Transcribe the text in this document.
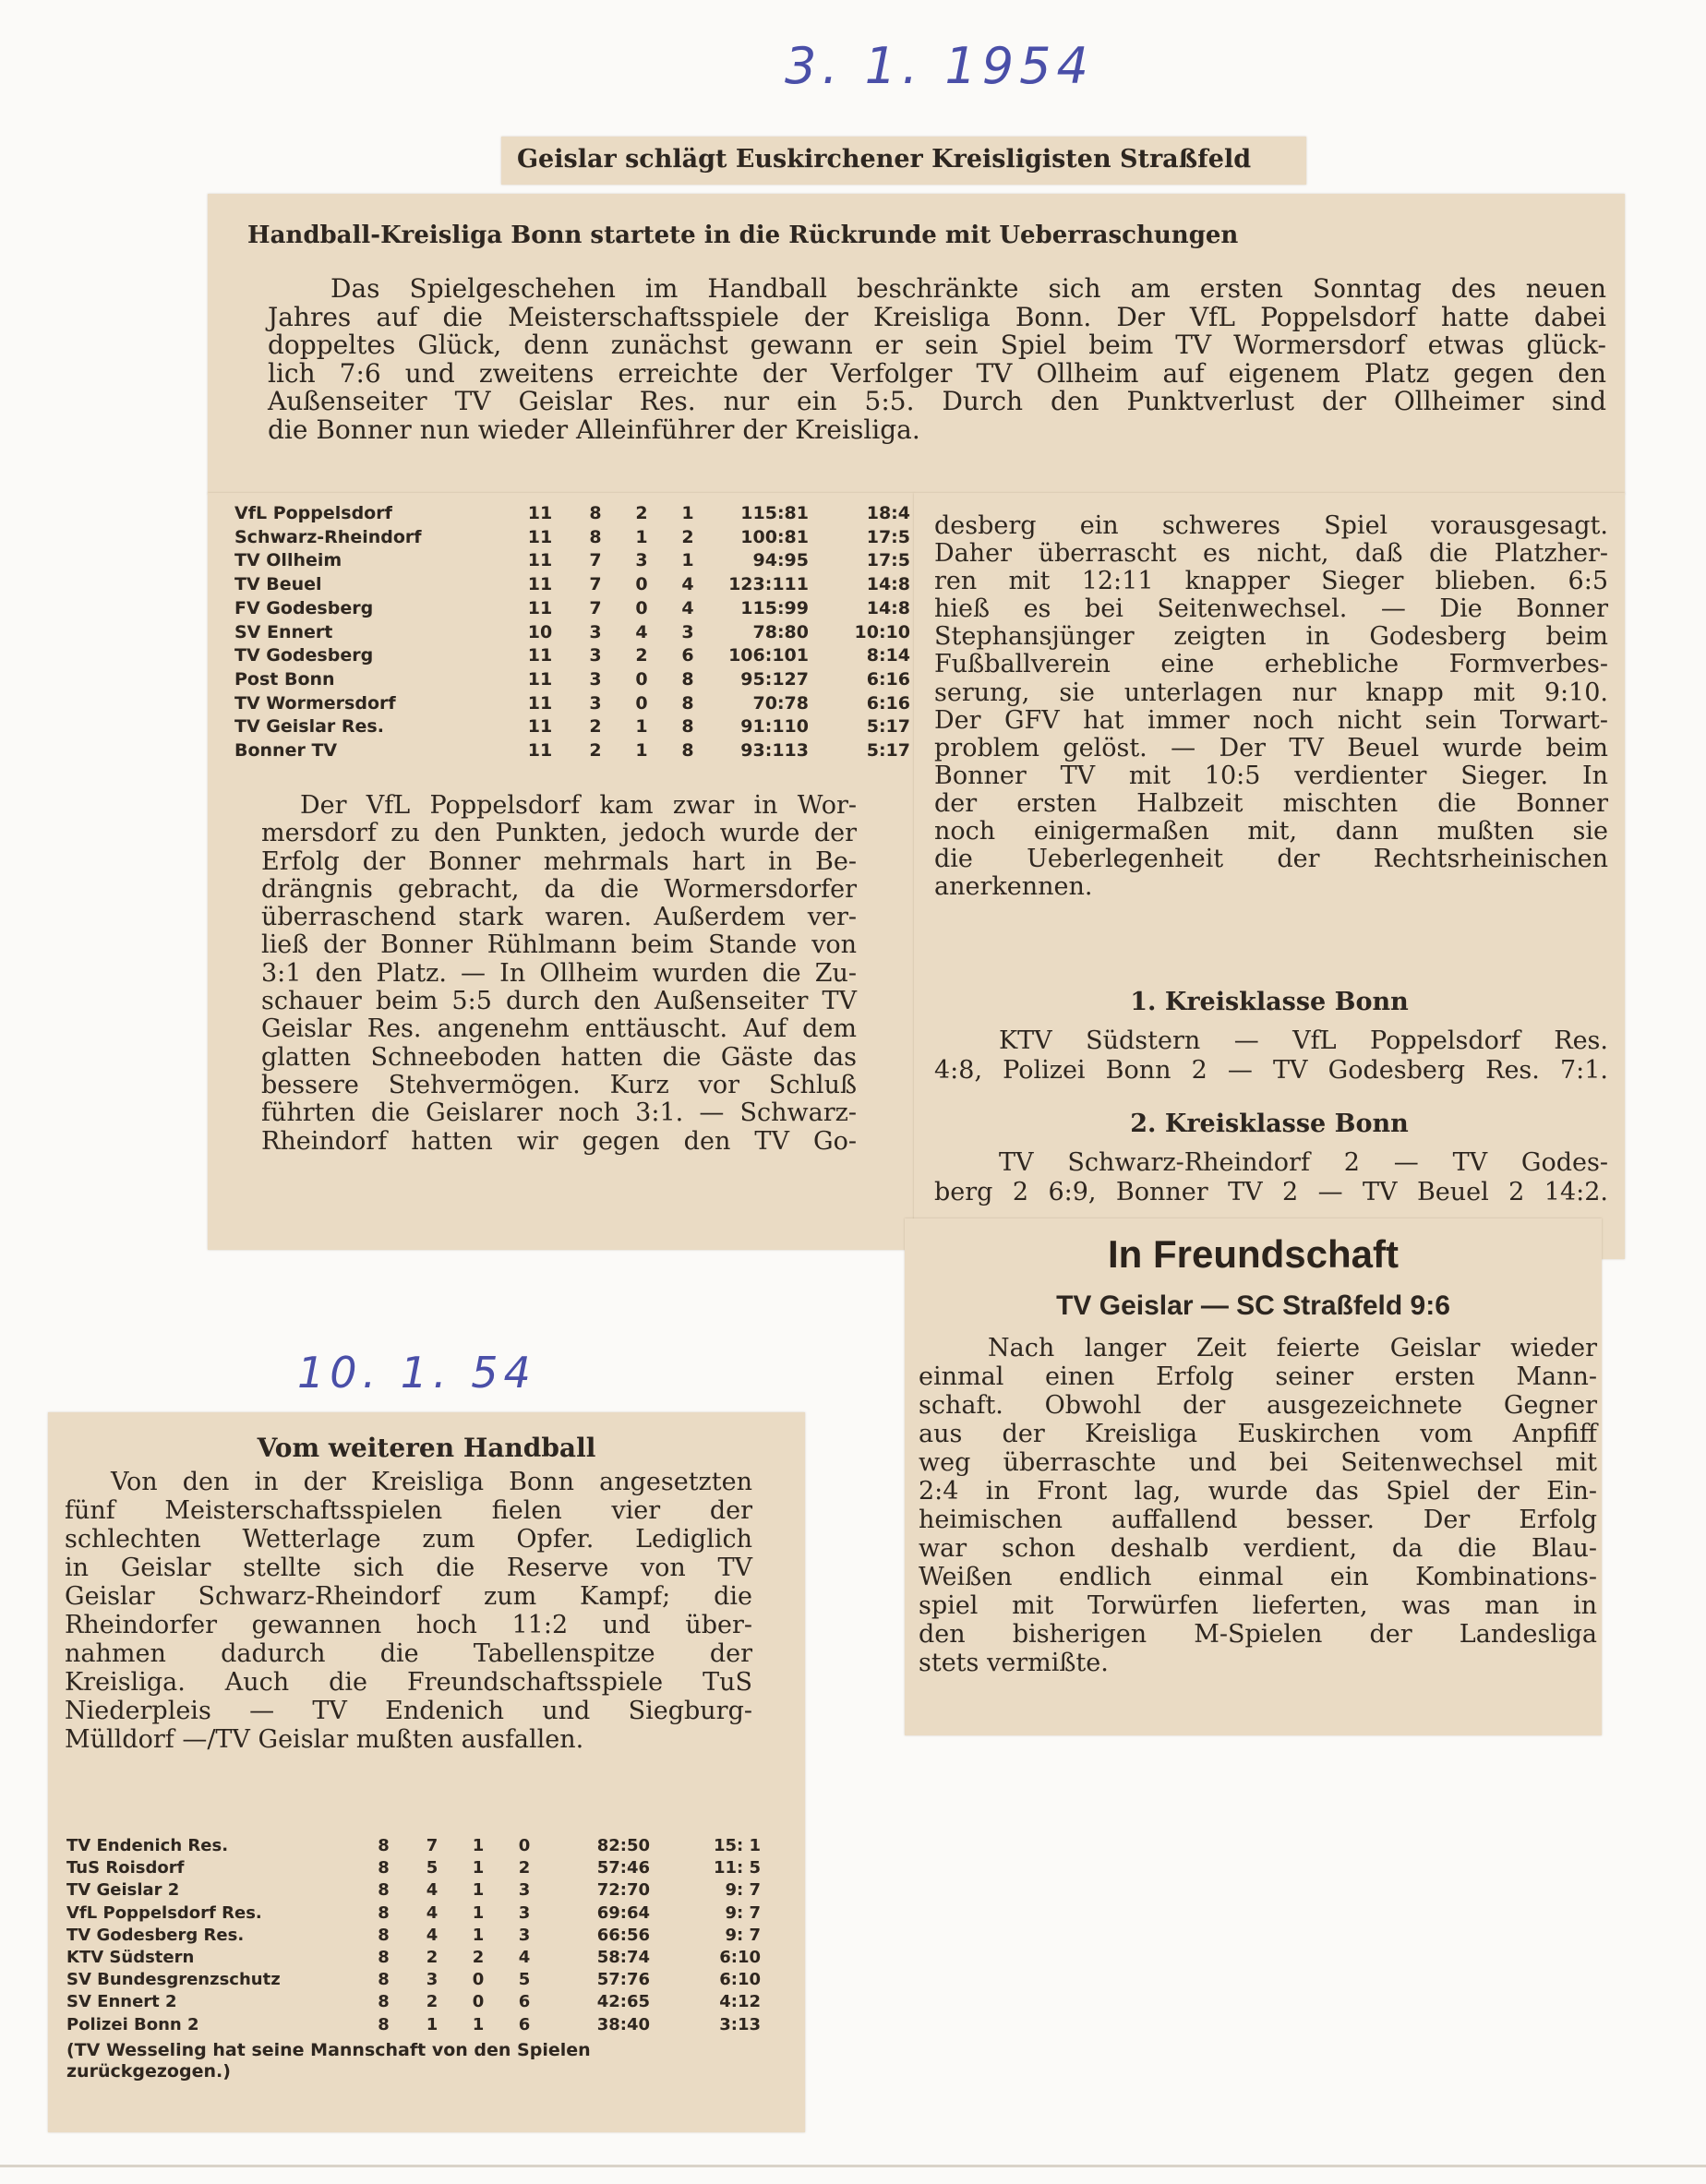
3. 1. 1954
Geislar schlägt Euskirchener Kreisligisten Straßfeld
Handball-Kreisliga Bonn startete in die Rückrunde mit Ueberraschungen
Das Spielgeschehen im Handball beschränkte sich am ersten Sonntag des neuen
Jahres auf die Meisterschaftsspiele der Kreisliga Bonn. Der VfL Poppelsdorf hatte dabei
doppeltes Glück, denn zunächst gewann er sein Spiel beim TV Wormersdorf etwas glück-
lich 7:6 und zweitens erreichte der Verfolger TV Ollheim auf eigenem Platz gegen den
Außenseiter TV Geislar Res. nur ein 5:5. Durch den Punktverlust der Ollheimer sind
die Bonner nun wieder Alleinführer der Kreisliga.
VfL Poppelsdorf	11	8	2	1	115:81	18:4
Schwarz-Rheindorf	11	8	1	2	100:81	17:5
TV Ollheim	11	7	3	1	94:95	17:5
TV Beuel	11	7	0	4	123:111	14:8
FV Godesberg	11	7	0	4	115:99	14:8
SV Ennert	10	3	4	3	78:80	10:10
TV Godesberg	11	3	2	6	106:101	8:14
Post Bonn	11	3	0	8	95:127	6:16
TV Wormersdorf	11	3	0	8	70:78	6:16
TV Geislar Res.	11	2	1	8	91:110	5:17
Bonner TV	11	2	1	8	93:113	5:17
Der VfL Poppelsdorf kam zwar in Wor-
mersdorf zu den Punkten, jedoch wurde der
Erfolg der Bonner mehrmals hart in Be-
drängnis gebracht, da die Wormersdorfer
überraschend stark waren. Außerdem ver-
ließ der Bonner Rühlmann beim Stande von
3:1 den Platz. — In Ollheim wurden die Zu-
schauer beim 5:5 durch den Außenseiter TV
Geislar Res. angenehm enttäuscht. Auf dem
glatten Schneeboden hatten die Gäste das
bessere Stehvermögen. Kurz vor Schluß
führten die Geislarer noch 3:1. — Schwarz-
Rheindorf hatten wir gegen den TV Go-
desberg ein schweres Spiel vorausgesagt.
Daher überrascht es nicht, daß die Platzher-
ren mit 12:11 knapper Sieger blieben. 6:5
hieß es bei Seitenwechsel. — Die Bonner
Stephansjünger zeigten in Godesberg beim
Fußballverein eine erhebliche Formverbes-
serung, sie unterlagen nur knapp mit 9:10.
Der GFV hat immer noch nicht sein Torwart-
problem gelöst. — Der TV Beuel wurde beim
Bonner TV mit 10:5 verdienter Sieger. In
der ersten Halbzeit mischten die Bonner
noch einigermaßen mit, dann mußten sie
die Ueberlegenheit der Rechtsrheinischen
anerkennen.
1. Kreisklasse Bonn
KTV Südstern — VfL Poppelsdorf Res.
4:8, Polizei Bonn 2 — TV Godesberg Res. 7:1.
2. Kreisklasse Bonn
TV Schwarz-Rheindorf 2 — TV Godes-
berg 2 6:9, Bonner TV 2 — TV Beuel 2 14:2.
In Freundschaft
TV Geislar — SC Straßfeld 9:6
Nach langer Zeit feierte Geislar wieder
einmal einen Erfolg seiner ersten Mann-
schaft. Obwohl der ausgezeichnete Gegner
aus der Kreisliga Euskirchen vom Anpfiff
weg überraschte und bei Seitenwechsel mit
2:4 in Front lag, wurde das Spiel der Ein-
heimischen auffallend besser. Der Erfolg
war schon deshalb verdient, da die Blau-
Weißen endlich einmal ein Kombinations-
spiel mit Torwürfen lieferten, was man in
den bisherigen M-Spielen der Landesliga
stets vermißte.
10. 1. 54
Vom weiteren Handball
Von den in der Kreisliga Bonn angesetzten
fünf Meisterschaftsspielen fielen vier der
schlechten Wetterlage zum Opfer. Lediglich
in Geislar stellte sich die Reserve von TV
Geislar Schwarz-Rheindorf zum Kampf; die
Rheindorfer gewannen hoch 11:2 und über-
nahmen dadurch die Tabellenspitze der
Kreisliga. Auch die Freundschaftsspiele TuS
Niederpleis — TV Endenich und Siegburg-
Mülldorf —/TV Geislar mußten ausfallen.
TV Endenich Res.	8	7	1	0	82:50	15: 1
TuS Roisdorf	8	5	1	2	57:46	11: 5
TV Geislar 2	8	4	1	3	72:70	9: 7
VfL Poppelsdorf Res.	8	4	1	3	69:64	9: 7
TV Godesberg Res.	8	4	1	3	66:56	9: 7
KTV Südstern	8	2	2	4	58:74	6:10
SV Bundesgrenzschutz	8	3	0	5	57:76	6:10
SV Ennert 2	8	2	0	6	42:65	4:12
Polizei Bonn 2	8	1	1	6	38:40	3:13
(TV Wesseling hat seine Mannschaft von den Spielen
zurückgezogen.)
